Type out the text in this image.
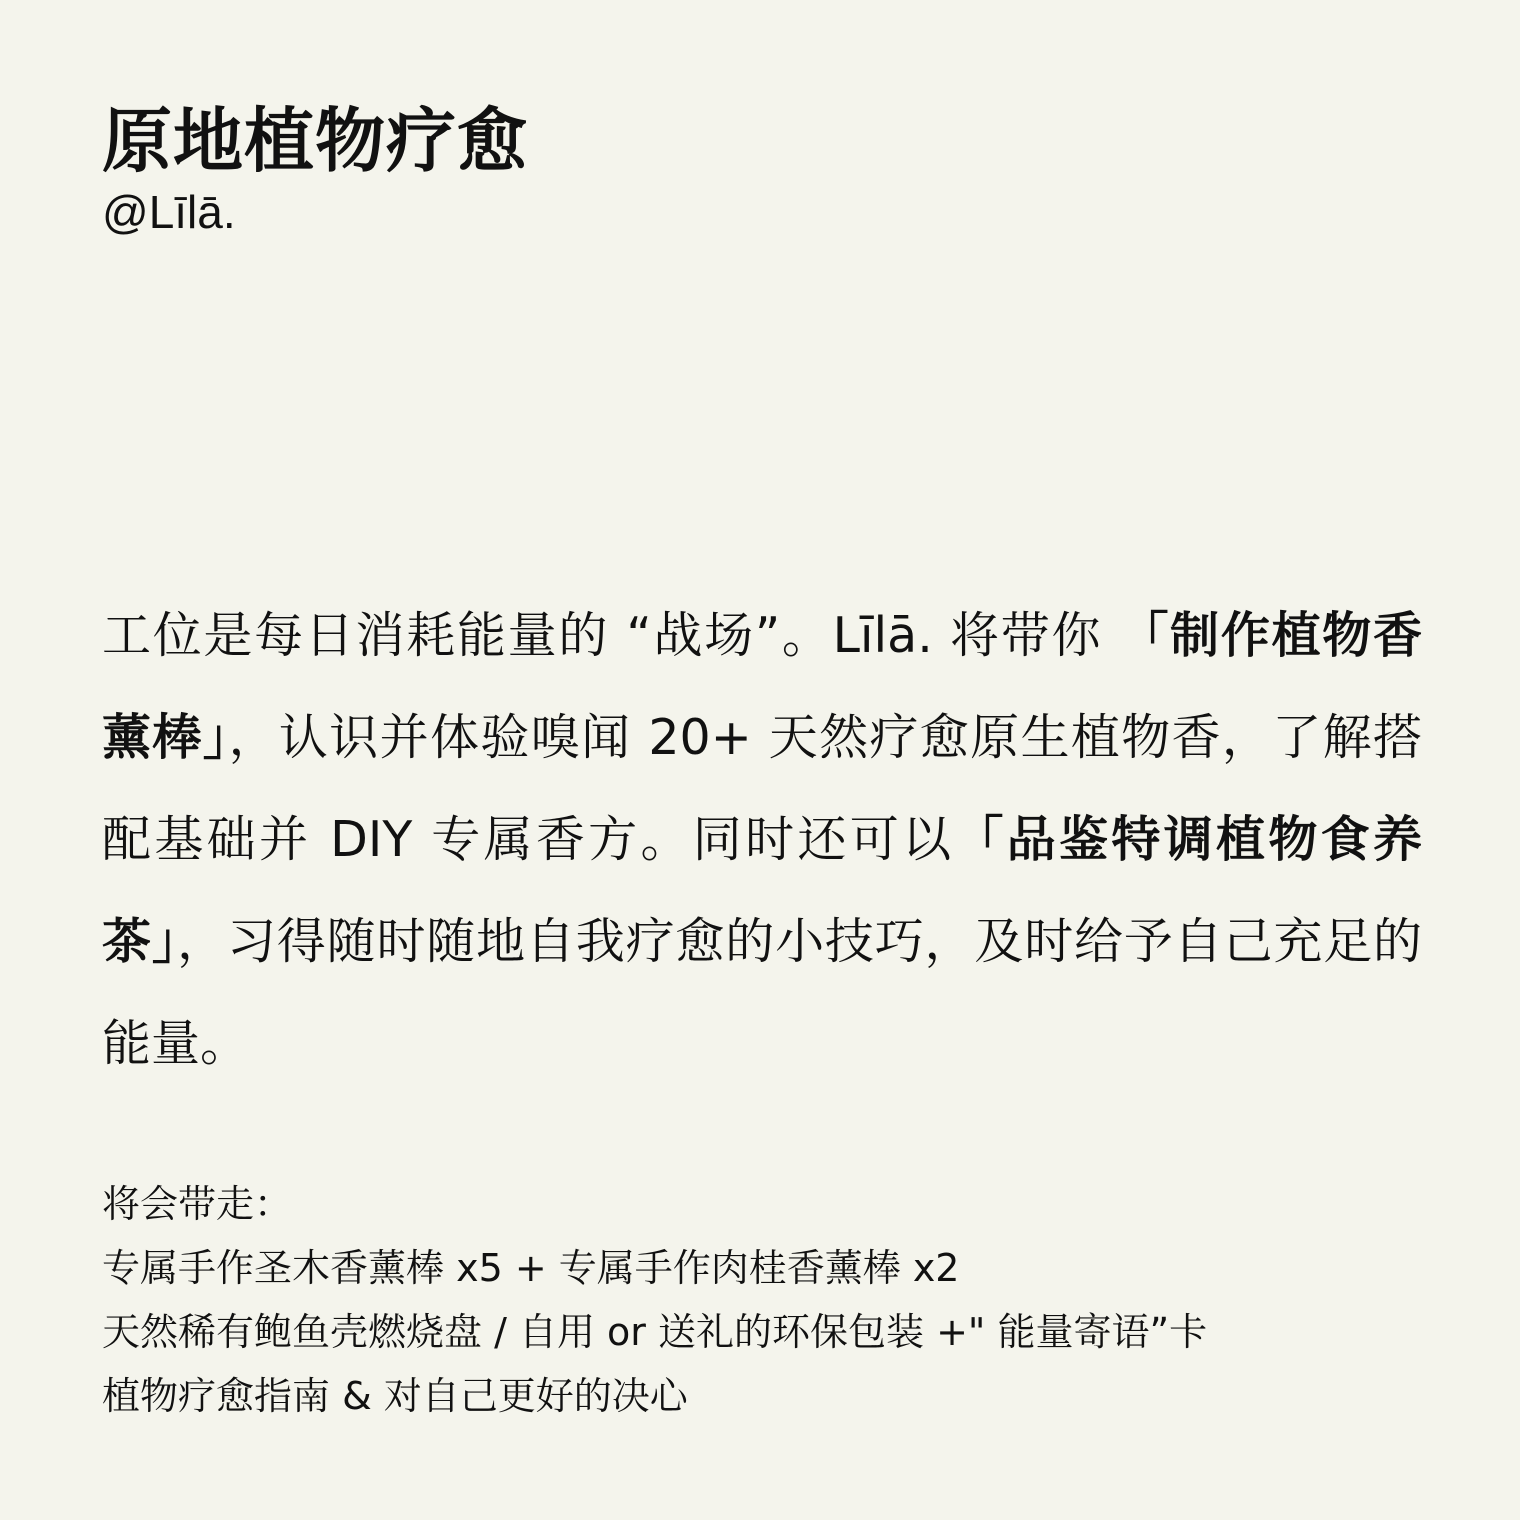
原地植物疗愈

@Līlā.

工位是每日消耗能量的 “战场”。Līlā. 将带你 「制作植物香薰棒」，认识并体验嗅闻 20+ 天然疗愈原生植物香，了解搭配基础并 DIY 专属香方。同时还可以「品鉴特调植物食养茶」，习得随时随地自我疗愈的小技巧，及时给予自己充足的能量。

将会带走：
专属手作圣木香薰棒 x5 + 专属手作肉桂香薰棒 x2
天然稀有鲍鱼壳燃烧盘 / 自用 or 送礼的环保包装 +" 能量寄语”卡
植物疗愈指南 & 对自己更好的决心
